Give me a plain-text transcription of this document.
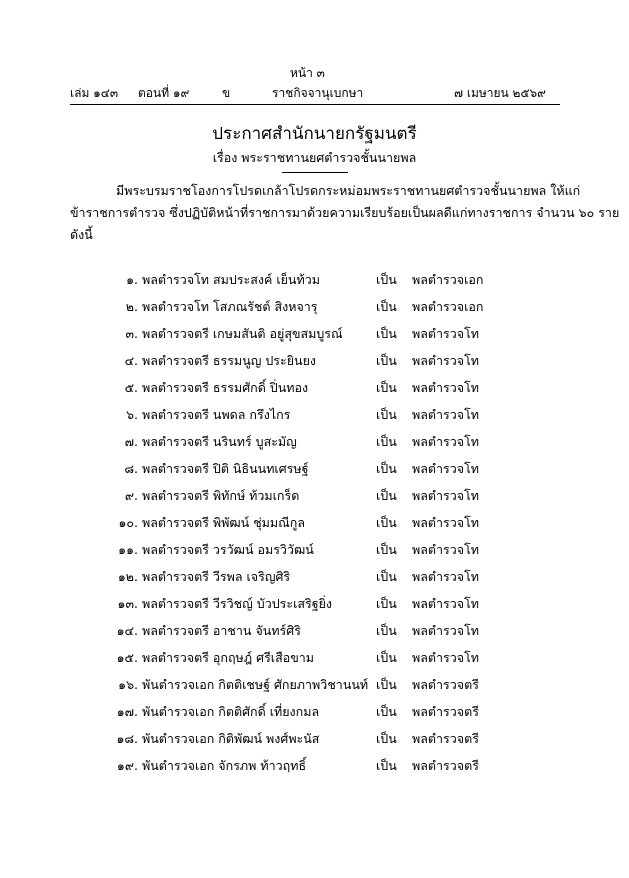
หน้า ๓
เล่ม ๑๔๓ ตอนที่ ๑๙	ข	ราชกิจจานุเบกษา	๗ เมษายน ๒๕๖๙
ประกาศสำนักนายกรัฐมนตรี
เรื่อง พระราชทานยศตำรวจชั้นนายพล
มีพระบรมราชโองการโปรดเกล้าโปรดกระหม่อมพระราชทานยศตำรวจชั้นนายพล ให้แก่
ข้าราชการตำรวจ ซึ่งปฏิบัติหน้าที่ราชการมาด้วยความเรียบร้อยเป็นผลดีแก่ทางราชการ จำนวน ๖๐ ราย
ดังนี้
๑. พลตำรวจโท สมประสงค์ เย็นท้วม	เป็น พลตำรวจเอก
๒. พลตำรวจโท โสภณรัชต์ สิงหจารุ	เป็น พลตำรวจเอก
๓. พลตำรวจตรี เกษมสันติ อยู่สุขสมบูรณ์	เป็น พลตำรวจโท
๔. พลตำรวจตรี ธรรมนูญ ประยินยง	เป็น พลตำรวจโท
๕. พลตำรวจตรี ธรรมศักดิ์ ปิ่นทอง	เป็น พลตำรวจโท
๖. พลตำรวจตรี นพดล กรึงไกร	เป็น พลตำรวจโท
๗. พลตำรวจตรี นรินทร์ บูสะมัญ	เป็น พลตำรวจโท
๘. พลตำรวจตรี ปิติ นิธินนทเศรษฐ์	เป็น พลตำรวจโท
๙. พลตำรวจตรี พิทักษ์ ท้วมเกร็ด	เป็น พลตำรวจโท
๑๐. พลตำรวจตรี พิพัฒน์ ชุ่มมณีกูล	เป็น พลตำรวจโท
๑๑. พลตำรวจตรี วรวัฒน์ อมรวิวัฒน์	เป็น พลตำรวจโท
๑๒. พลตำรวจตรี วีรพล เจริญศิริ	เป็น พลตำรวจโท
๑๓. พลตำรวจตรี วีรวิชญ์ บัวประเสริฐยิ่ง	เป็น พลตำรวจโท
๑๔. พลตำรวจตรี อาชาน จันทร์ศิริ	เป็น พลตำรวจโท
๑๕. พลตำรวจตรี อุกฤษฎ์ ศรีเสือขาม	เป็น พลตำรวจโท
๑๖. พันตำรวจเอก กิตติเชษฐ์ ศักยภาพวิชานนท์ เป็น พลตำรวจตรี
๑๗. พันตำรวจเอก กิตติศักดิ์ เที่ยงกมล	เป็น พลตำรวจตรี
๑๘. พันตำรวจเอก กิติพัฒน์ พงศ์พะนัส	เป็น พลตำรวจตรี
๑๙. พันตำรวจเอก จักรภพ ท้าวฤทธิ์	เป็น พลตำรวจตรี
